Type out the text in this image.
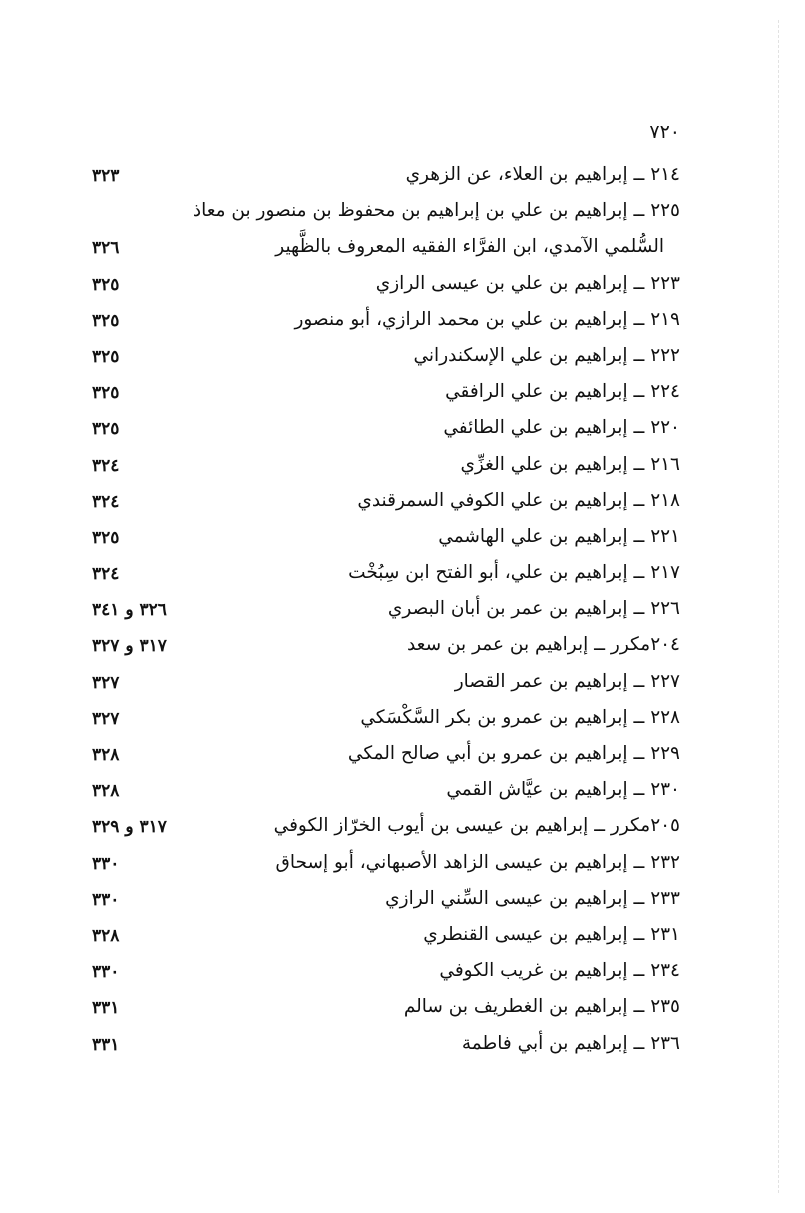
٧٢٠
٢١٤ ــ إبراهيم بن العلاء، عن الزهري
٣٢٣
٢٢٥ ــ إبراهيم بن علي بن إبراهيم بن محفوظ بن منصور بن معاذ
السُّلمي الآمدي، ابن الفرَّاء الفقيه المعروف بالظَّهير
٣٢٦
٢٢٣ ــ إبراهيم بن علي بن عيسى الرازي
٣٢٥
٢١٩ ــ إبراهيم بن علي بن محمد الرازي، أبو منصور
٣٢٥
٢٢٢ ــ إبراهيم بن علي الإسكندراني
٣٢٥
٢٢٤ ــ إبراهيم بن علي الرافقي
٣٢٥
٢٢٠ ــ إبراهيم بن علي الطائفي
٣٢٥
٢١٦ ــ إبراهيم بن علي الغزِّي
٣٢٤
٢١٨ ــ إبراهيم بن علي الكوفي السمرقندي
٣٢٤
٢٢١ ــ إبراهيم بن علي الهاشمي
٣٢٥
٢١٧ ــ إبراهيم بن علي، أبو الفتح ابن سِبُخْت
٣٢٤
٢٢٦ ــ إبراهيم بن عمر بن أبان البصري
٣٢٦ و ٣٤١
٢٠٤مكرر ــ إبراهيم بن عمر بن سعد
٣١٧ و ٣٢٧
٢٢٧ ــ إبراهيم بن عمر القصار
٣٢٧
٢٢٨ ــ إبراهيم بن عمرو بن بكر السَّكْسَكي
٣٢٧
٢٢٩ ــ إبراهيم بن عمرو بن أبي صالح المكي
٣٢٨
٢٣٠ ــ إبراهيم بن عيَّاش القمي
٣٢٨
٢٠٥مكرر ــ إبراهيم بن عيسى بن أيوب الخرّاز الكوفي
٣١٧ و ٣٢٩
٢٣٢ ــ إبراهيم بن عيسى الزاهد الأصبهاني، أبو إسحاق
٣٣٠
٢٣٣ ــ إبراهيم بن عيسى السِّني الرازي
٣٣٠
٢٣١ ــ إبراهيم بن عيسى القنطري
٣٢٨
٢٣٤ ــ إبراهيم بن غريب الكوفي
٣٣٠
٢٣٥ ــ إبراهيم بن الغطريف بن سالم
٣٣١
٢٣٦ ــ إبراهيم بن أبي فاطمة
٣٣١
